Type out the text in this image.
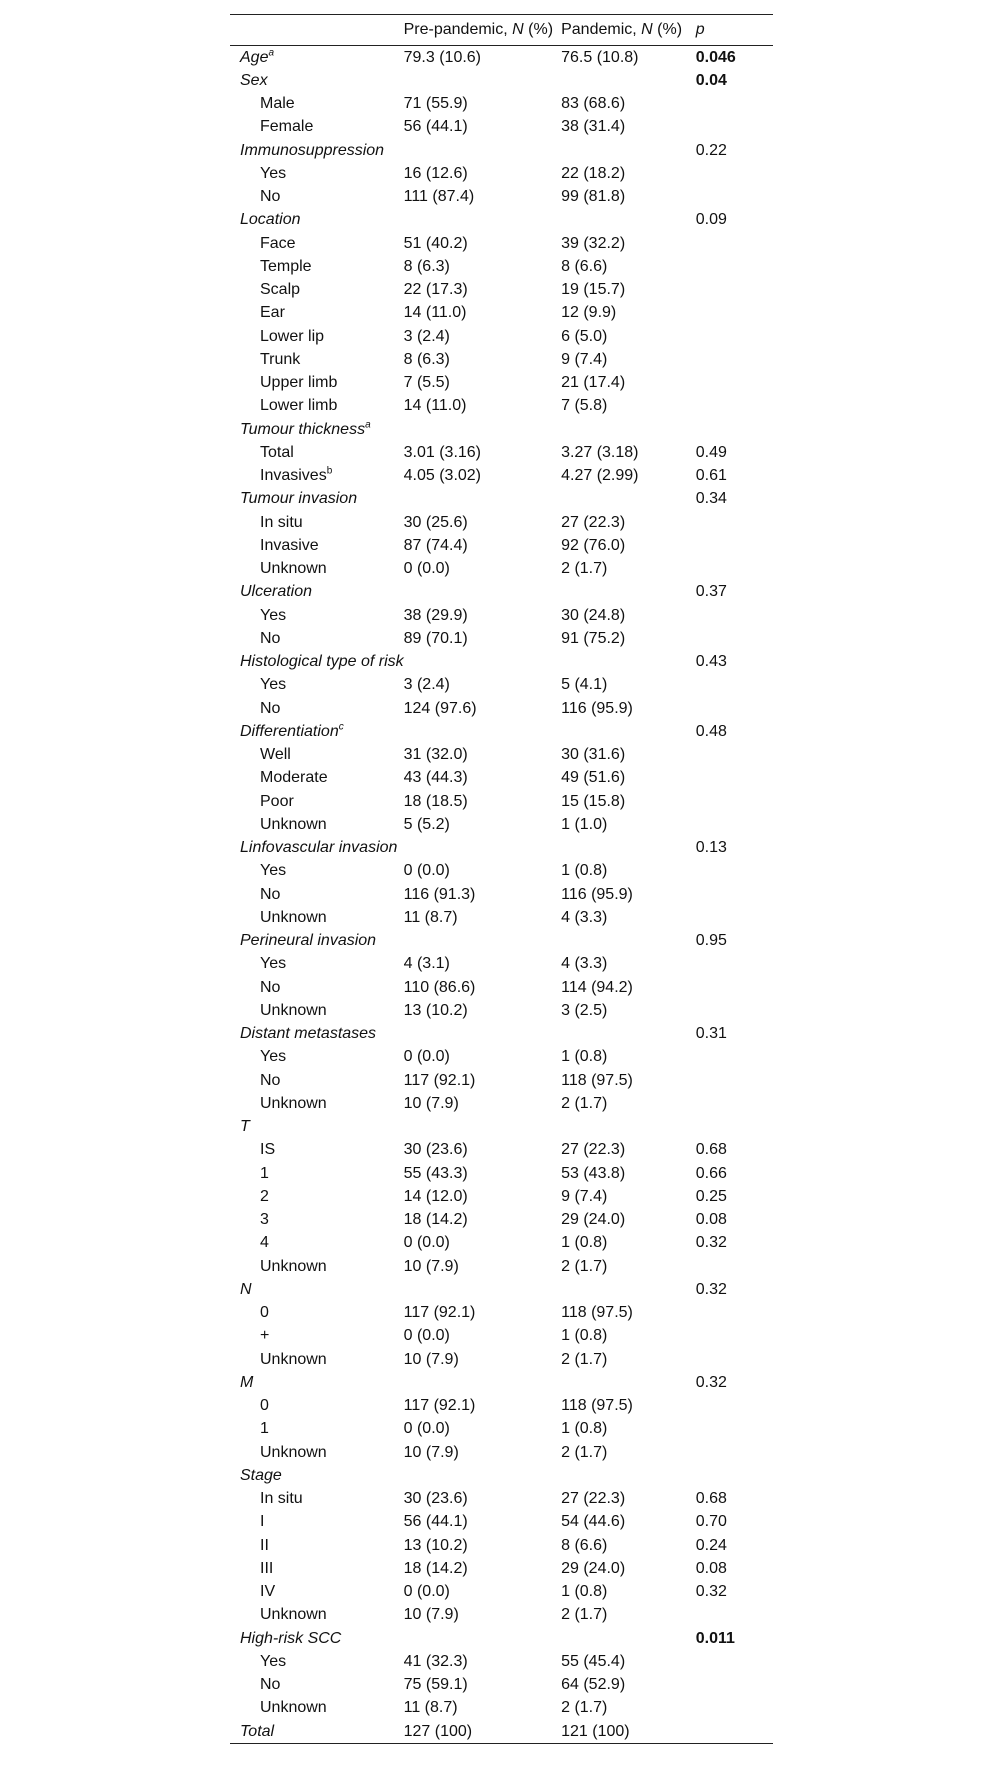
	Pre-pandemic, N (%)	Pandemic, N (%)	p
Age$^a$	79.3 (10.6)	76.5 (10.8)	0.046
Sex			0.04
Male	71 (55.9)	83 (68.6)	
Female	56 (44.1)	38 (31.4)	
Immunosuppression			0.22
Yes	16 (12.6)	22 (18.2)	
No	111 (87.4)	99 (81.8)	
Location			0.09
Face	51 (40.2)	39 (32.2)	
Temple	8 (6.3)	8 (6.6)	
Scalp	22 (17.3)	19 (15.7)	
Ear	14 (11.0)	12 (9.9)	
Lower lip	3 (2.4)	6 (5.0)	
Trunk	8 (6.3)	9 (7.4)	
Upper limb	7 (5.5)	21 (17.4)	
Lower limb	14 (11.0)	7 (5.8)	
Tumour thickness$^a$			
Total	3.01 (3.16)	3.27 (3.18)	0.49
Invasives$^b$	4.05 (3.02)	4.27 (2.99)	0.61
Tumour invasion			0.34
In situ	30 (25.6)	27 (22.3)	
Invasive	87 (74.4)	92 (76.0)	
Unknown	0 (0.0)	2 (1.7)	
Ulceration			0.37
Yes	38 (29.9)	30 (24.8)	
No	89 (70.1)	91 (75.2)	
Histological type of risk			0.43
Yes	3 (2.4)	5 (4.1)	
No	124 (97.6)	116 (95.9)	
Differentiation$^c$			0.48
Well	31 (32.0)	30 (31.6)	
Moderate	43 (44.3)	49 (51.6)	
Poor	18 (18.5)	15 (15.8)	
Unknown	5 (5.2)	1 (1.0)	
Linfovascular invasion			0.13
Yes	0 (0.0)	1 (0.8)	
No	116 (91.3)	116 (95.9)	
Unknown	11 (8.7)	4 (3.3)	
Perineural invasion			0.95
Yes	4 (3.1)	4 (3.3)	
No	110 (86.6)	114 (94.2)	
Unknown	13 (10.2)	3 (2.5)	
Distant metastases			0.31
Yes	0 (0.0)	1 (0.8)	
No	117 (92.1)	118 (97.5)	
Unknown	10 (7.9)	2 (1.7)	
T			
IS	30 (23.6)	27 (22.3)	0.68
1	55 (43.3)	53 (43.8)	0.66
2	14 (12.0)	9 (7.4)	0.25
3	18 (14.2)	29 (24.0)	0.08
4	0 (0.0)	1 (0.8)	0.32
Unknown	10 (7.9)	2 (1.7)	
N			0.32
0	117 (92.1)	118 (97.5)	
+	0 (0.0)	1 (0.8)	
Unknown	10 (7.9)	2 (1.7)	
M			0.32
0	117 (92.1)	118 (97.5)	
1	0 (0.0)	1 (0.8)	
Unknown	10 (7.9)	2 (1.7)	
Stage			
In situ	30 (23.6)	27 (22.3)	0.68
I	56 (44.1)	54 (44.6)	0.70
II	13 (10.2)	8 (6.6)	0.24
III	18 (14.2)	29 (24.0)	0.08
IV	0 (0.0)	1 (0.8)	0.32
Unknown	10 (7.9)	2 (1.7)	
High-risk SCC			0.011
Yes	41 (32.3)	55 (45.4)	
No	75 (59.1)	64 (52.9)	
Unknown	11 (8.7)	2 (1.7)	
Total	127 (100)	121 (100)	
